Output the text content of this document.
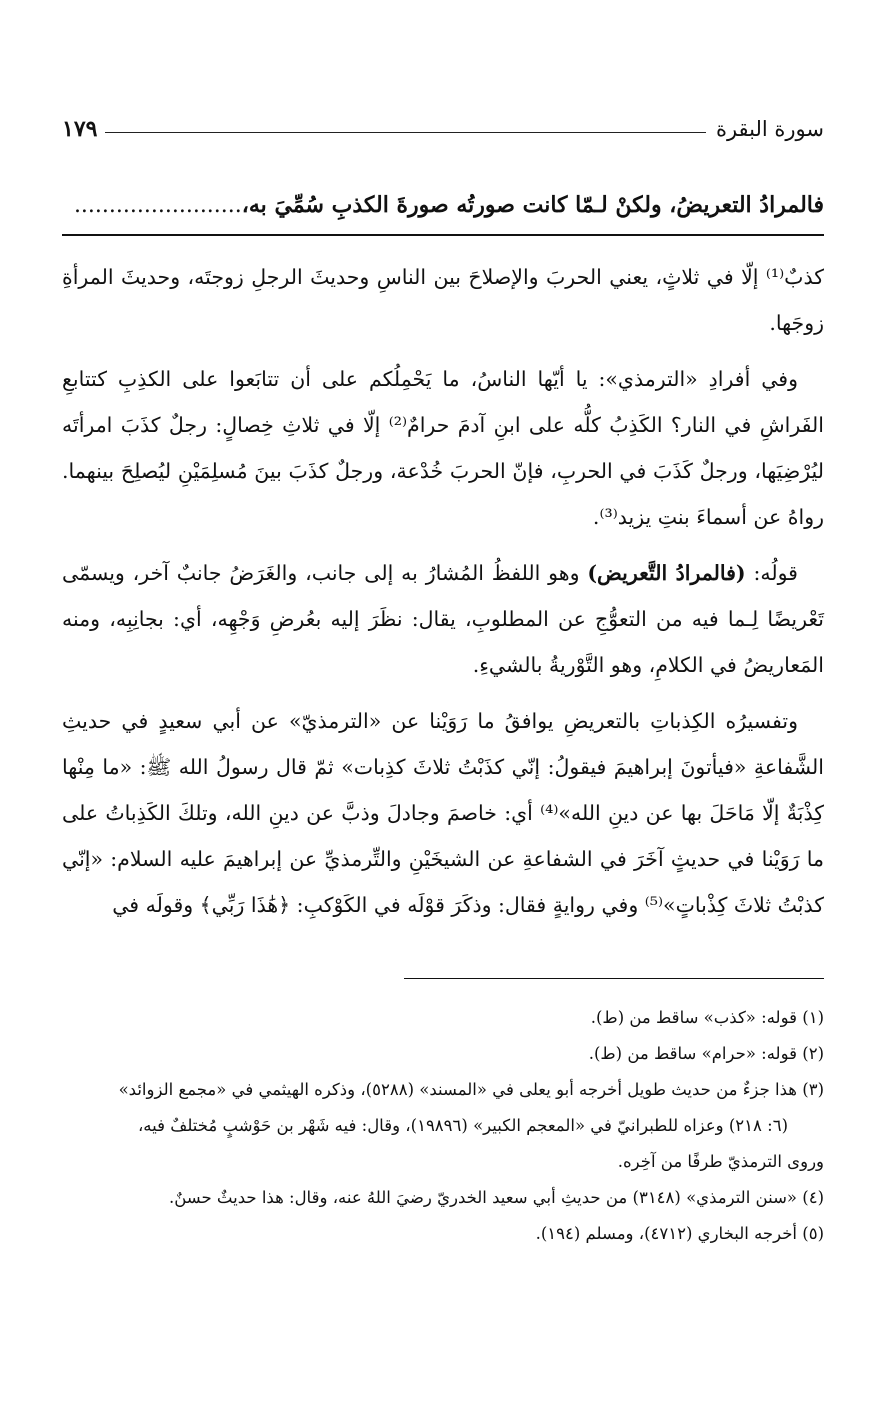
سورة البقرة
١٧٩
فالمرادُ التعريضُ، ولكنْ لـمّا كانت صورتُه صورةَ الكذبِ سُمِّيَ به،........................

كذبٌ⁽¹⁾ إلّا في ثلاثٍ، يعني الحربَ والإصلاحَ بين الناسِ وحديثَ الرجلِ زوجتَه، وحديثَ المرأةِ زوجَها.

وفي أفرادِ «الترمذي»: يا أيّها الناسُ، ما يَحْمِلُكم على أن تتابَعوا على الكذِبِ كتتابعِ الفَراشِ في النار؟ الكَذِبُ كلُّه على ابنِ آدمَ حرامٌ⁽²⁾ إلّا في ثلاثِ خِصالٍ: رجلٌ كذَبَ امرأتَه ليُرْضِيَها، ورجلٌ كَذَبَ في الحربِ، فإنّ الحربَ خُدْعة، ورجلٌ كذَبَ بينَ مُسلِمَيْنِ ليُصلِحَ بينهما. رواهُ عن أسماءَ بنتِ يزيد⁽³⁾.

قولُه: (فالمرادُ التَّعريض) وهو اللفظُ المُشارُ به إلى جانب، والغَرَضُ جانبٌ آخر، ويسمّى تَعْريضًا لِـما فيه من التعوُّجِ عن المطلوبِ، يقال: نظَرَ إليه بعُرضِ وَجْهِه، أي: بجانِبِه، ومنه المَعاريضُ في الكلامِ، وهو التَّوْريةُ بالشيءِ.

وتفسيرُه الكِذباتِ بالتعريضِ يوافقُ ما رَوَيْنا عن «الترمذيّ» عن أبي سعيدٍ في حديثِ الشَّفاعةِ «فيأتونَ إبراهيمَ فيقولُ: إنّي كذَبْتُ ثلاثَ كذِبات» ثمّ قال رسولُ الله ﷺ: «ما مِنْها كِذْبَةٌ إلّا مَاحَلَ بها عن دينِ الله»⁽⁴⁾ أي: خاصمَ وجادلَ وذبَّ عن دينِ الله، وتلكَ الكَذِباتُ على ما رَوَيْنا في حديثٍ آخَرَ في الشفاعةِ عن الشيخَيْنِ والتِّرمذيِّ عن إبراهيمَ عليه السلام: «إنّي كذبْتُ ثلاثَ كِذْباتٍ»⁽⁵⁾ وفي روايةٍ فقال: وذكَرَ قوْلَه في الكَوْكبِ: ﴿هَٰذَا رَبِّي﴾ وقولَه في

(١) قوله: «كذب» ساقط من (ط).
(٢) قوله: «حرام» ساقط من (ط).
(٣) هذا جزءٌ من حديث طويل أخرجه أبو يعلى في «المسند» (٥٢٨٨)، وذكره الهيثمي في «مجمع الزوائد»
(٦: ٢١٨) وعزاه للطبرانيّ في «المعجم الكبير» (١٩٨٩٦)، وقال: فيه شَهْر بن حَوْشبٍ مُختلفٌ فيه،
وروى الترمذيّ طرفًا من آخِره.
(٤) «سنن الترمذي» (٣١٤٨) من حديثِ أبي سعيد الخدريّ رضيَ اللهُ عنه، وقال: هذا حديثٌ حسنٌ.
(٥) أخرجه البخاري (٤٧١٢)، ومسلم (١٩٤).
